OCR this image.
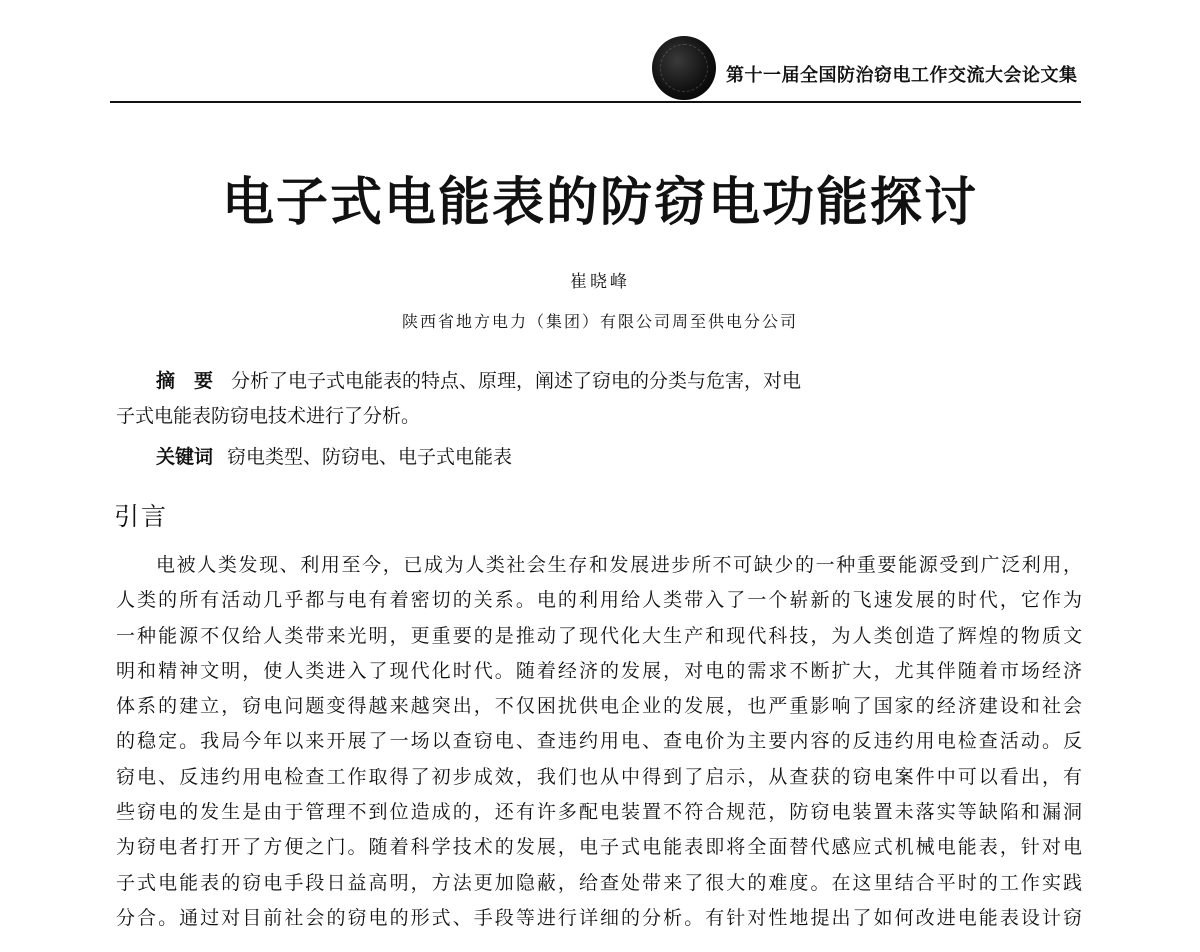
第十一届全国防治窃电工作交流大会论文集
电子式电能表的防窃电功能探讨
崔晓峰
陕西省地方电力（集团）有限公司周至供电分公司
摘　要 分析了电子式电能表的特点、原理，阐述了窃电的分类与危害，对电
子式电能表防窃电技术进行了分析。
关键词 窃电类型、防窃电、电子式电能表
引言
电被人类发现、利用至今，已成为人类社会生存和发展进步所不可缺少的一种重要能源受到广泛利用，
人类的所有活动几乎都与电有着密切的关系。电的利用给人类带入了一个崭新的飞速发展的时代，它作为
一种能源不仅给人类带来光明，更重要的是推动了现代化大生产和现代科技，为人类创造了辉煌的物质文
明和精神文明，使人类进入了现代化时代。随着经济的发展，对电的需求不断扩大，尤其伴随着市场经济
体系的建立，窃电问题变得越来越突出，不仅困扰供电企业的发展，也严重影响了国家的经济建设和社会
的稳定。我局今年以来开展了一场以查窃电、查违约用电、查电价为主要内容的反违约用电检查活动。反
窃电、反违约用电检查工作取得了初步成效，我们也从中得到了启示，从查获的窃电案件中可以看出，有
些窃电的发生是由于管理不到位造成的，还有许多配电装置不符合规范，防窃电装置未落实等缺陷和漏洞
为窃电者打开了方便之门。随着科学技术的发展，电子式电能表即将全面替代感应式机械电能表，针对电
子式电能表的窃电手段日益高明，方法更加隐蔽，给查处带来了很大的难度。在这里结合平时的工作实践
分合。通过对目前社会的窃电的形式、手段等进行详细的分析。有针对性地提出了如何改进电能表设计窃
